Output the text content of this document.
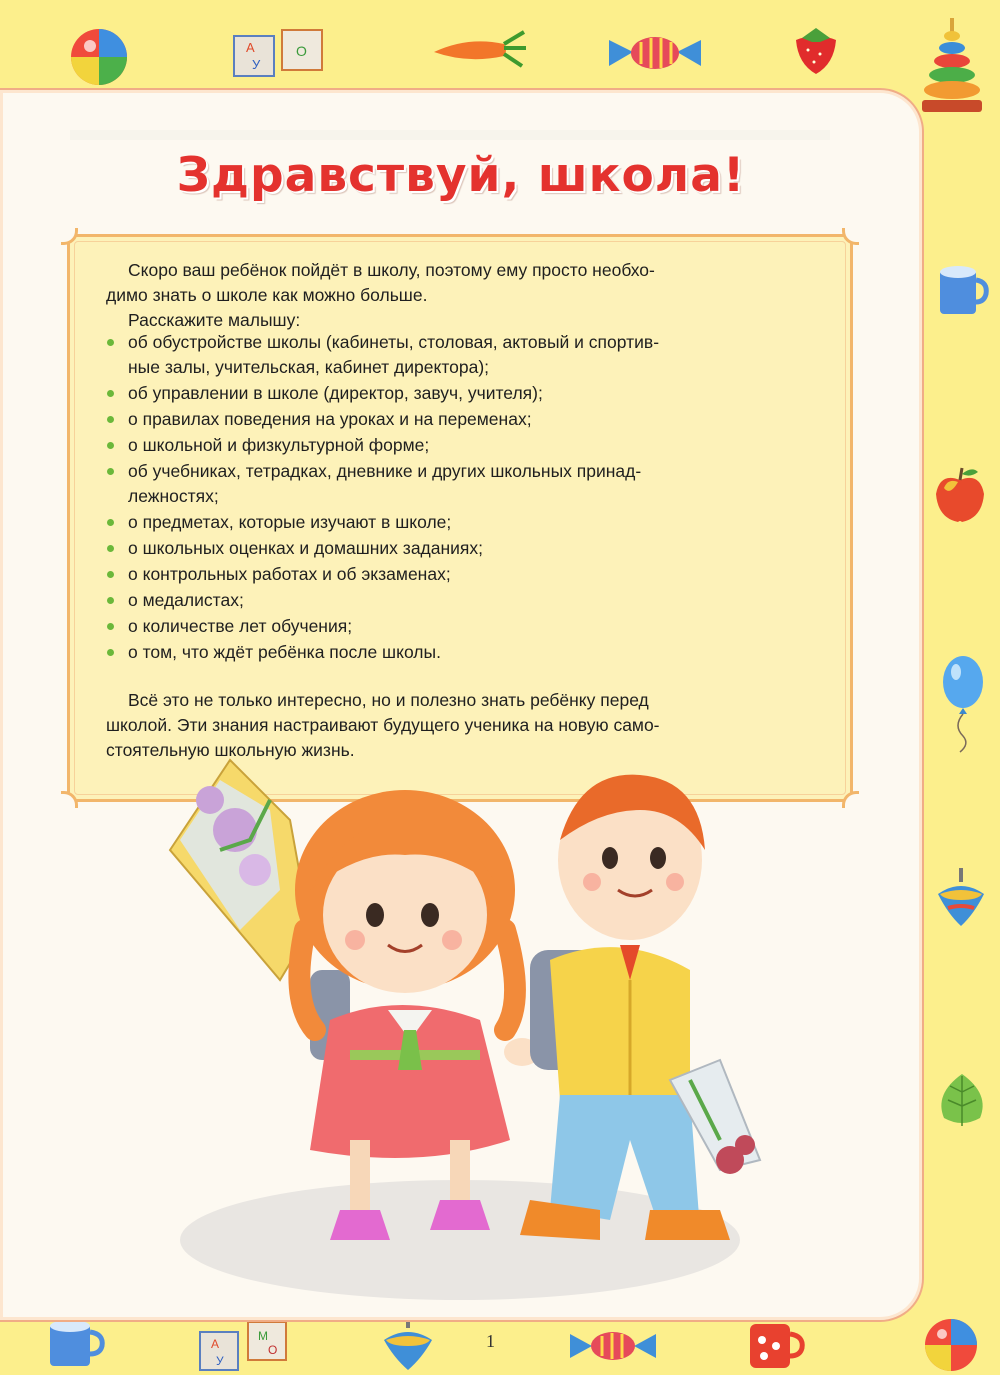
А
У
О
А
У
М
О	1
Здравствуй, школа!
Скоро ваш ребёнок пойдёт в школу, поэтому ему просто необхо-
димо знать о школе как можно больше.
Расскажите малышу:
об обустройстве школы (кабинеты, столовая, актовый и спортив-
ные залы, учительская, кабинет директора);
об управлении в школе (директор, завуч, учителя);
о правилах поведения на уроках и на переменах;
о школьной и физкультурной форме;
об учебниках, тетрадках, дневнике и других школьных принад-
лежностях;
о предметах, которые изучают в школе;
о школьных оценках и домашних заданиях;
о контрольных работах и об экзаменах;
о медалистах;
о количестве лет обучения;
о том, что ждёт ребёнка после школы.
Всё это не только интересно, но и полезно знать ребёнку перед
школой. Эти знания настраивают будущего ученика на новую само-
стоятельную школьную жизнь.
